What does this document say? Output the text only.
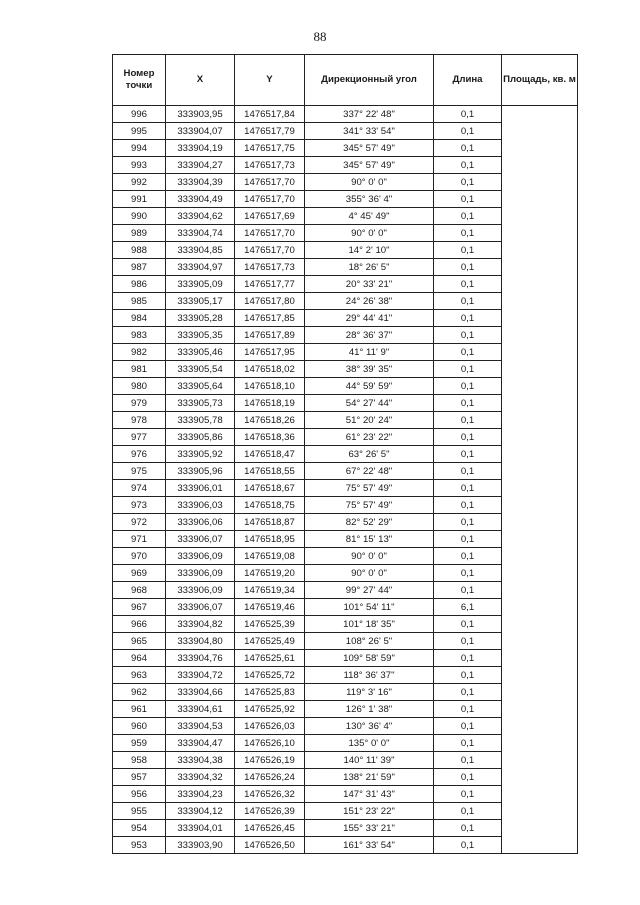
88
Номер точки	X	Y	Дирекционный угол	Длина	Площадь, кв. м
996	333903,95	1476517,84	337° 22' 48"	0,1	
995	333904,07	1476517,79	341° 33' 54"	0,1	
994	333904,19	1476517,75	345° 57' 49"	0,1	
993	333904,27	1476517,73	345° 57' 49"	0,1	
992	333904,39	1476517,70	90° 0' 0"	0,1	
991	333904,49	1476517,70	355° 36' 4"	0,1	
990	333904,62	1476517,69	4° 45' 49"	0,1	
989	333904,74	1476517,70	90° 0' 0"	0,1	
988	333904,85	1476517,70	14° 2' 10"	0,1	
987	333904,97	1476517,73	18° 26' 5"	0,1	
986	333905,09	1476517,77	20° 33' 21"	0,1	
985	333905,17	1476517,80	24° 26' 38"	0,1	
984	333905,28	1476517,85	29° 44' 41"	0,1	
983	333905,35	1476517,89	28° 36' 37"	0,1	
982	333905,46	1476517,95	41° 11' 9"	0,1	
981	333905,54	1476518,02	38° 39' 35"	0,1	
980	333905,64	1476518,10	44° 59' 59"	0,1	
979	333905,73	1476518,19	54° 27' 44"	0,1	
978	333905,78	1476518,26	51° 20' 24"	0,1	
977	333905,86	1476518,36	61° 23' 22"	0,1	
976	333905,92	1476518,47	63° 26' 5"	0,1	
975	333905,96	1476518,55	67° 22' 48"	0,1	
974	333906,01	1476518,67	75° 57' 49"	0,1	
973	333906,03	1476518,75	75° 57' 49"	0,1	
972	333906,06	1476518,87	82° 52' 29"	0,1	
971	333906,07	1476518,95	81° 15' 13"	0,1	
970	333906,09	1476519,08	90° 0' 0"	0,1	
969	333906,09	1476519,20	90° 0' 0"	0,1	
968	333906,09	1476519,34	99° 27' 44"	0,1	
967	333906,07	1476519,46	101° 54' 11"	6,1	
966	333904,82	1476525,39	101° 18' 35"	0,1	
965	333904,80	1476525,49	108° 26' 5"	0,1	
964	333904,76	1476525,61	109° 58' 59"	0,1	
963	333904,72	1476525,72	118° 36' 37"	0,1	
962	333904,66	1476525,83	119° 3' 16"	0,1	
961	333904,61	1476525,92	126° 1' 38"	0,1	
960	333904,53	1476526,03	130° 36' 4"	0,1	
959	333904,47	1476526,10	135° 0' 0"	0,1	
958	333904,38	1476526,19	140° 11' 39"	0,1	
957	333904,32	1476526,24	138° 21' 59"	0,1	
956	333904,23	1476526,32	147° 31' 43"	0,1	
955	333904,12	1476526,39	151° 23' 22"	0,1	
954	333904,01	1476526,45	155° 33' 21"	0,1	
953	333903,90	1476526,50	161° 33' 54"	0,1	
